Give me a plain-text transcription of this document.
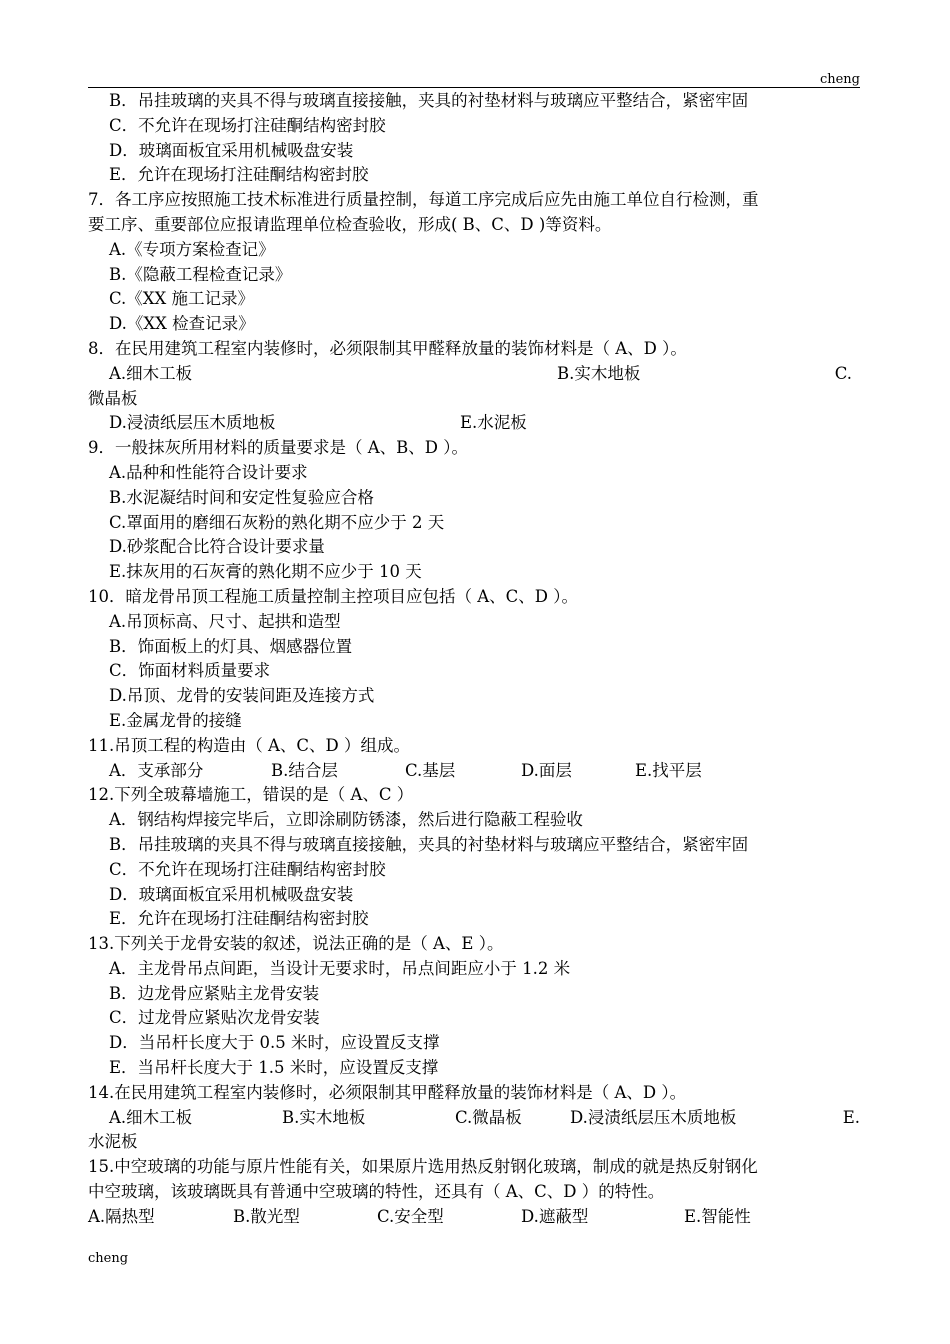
cheng
B．吊挂玻璃的夹具不得与玻璃直接接触，夹具的衬垫材料与玻璃应平整结合，紧密牢固
C．不允许在现场打注硅酮结构密封胶
D．玻璃面板宜采用机械吸盘安装
E．允许在现场打注硅酮结构密封胶
7．各工序应按照施工技术标准进行质量控制，每道工序完成后应先由施工单位自行检测，重
要工序、重要部位应报请监理单位检查验收，形成( B、C、D )等资料。
A.《专项方案检查记》
B.《隐蔽工程检查记录》
C.《XX 施工记录》
D.《XX 检查记录》
8．在民用建筑工程室内装修时，必须限制其甲醛释放量的装饰材料是（ A、D ）。
A.细木工板	B.实木地板	C.
微晶板
D.浸渍纸层压木质地板	E.水泥板
9．一般抹灰所用材料的质量要求是（ A、B、D ）。
A.品种和性能符合设计要求
B.水泥凝结时间和安定性复验应合格
C.罩面用的磨细石灰粉的熟化期不应少于 2 天
D.砂浆配合比符合设计要求量
E.抹灰用的石灰膏的熟化期不应少于 10 天
10．暗龙骨吊顶工程施工质量控制主控项目应包括（ A、C、D ）。
A.吊顶标高、尺寸、起拱和造型
B．饰面板上的灯具、烟感器位置
C．饰面材料质量要求
D.吊顶、龙骨的安装间距及连接方式
E.金属龙骨的接缝
11.吊顶工程的构造由（ A、C、D ）组成。
A．支承部分	B.结合层	C.基层	D.面层	E.找平层
12.下列全玻幕墙施工，错误的是（ A、C ）
A．钢结构焊接完毕后，立即涂刷防锈漆，然后进行隐蔽工程验收
B．吊挂玻璃的夹具不得与玻璃直接接触，夹具的衬垫材料与玻璃应平整结合，紧密牢固
C．不允许在现场打注硅酮结构密封胶
D．玻璃面板宜采用机械吸盘安装
E．允许在现场打注硅酮结构密封胶
13.下列关于龙骨安装的叙述，说法正确的是（ A、E ）。
A．主龙骨吊点间距，当设计无要求时，吊点间距应小于 1.2 米
B．边龙骨应紧贴主龙骨安装
C．过龙骨应紧贴次龙骨安装
D．当吊杆长度大于 0.5 米时，应设置反支撑
E．当吊杆长度大于 1.5 米时，应设置反支撑
14.在民用建筑工程室内装修时，必须限制其甲醛释放量的装饰材料是（ A、D ）。
A.细木工板	B.实木地板	C.微晶板	D.浸渍纸层压木质地板	E.
水泥板
15.中空玻璃的功能与原片性能有关，如果原片选用热反射钢化玻璃，制成的就是热反射钢化
中空玻璃，该玻璃既具有普通中空玻璃的特性，还具有（ A、C、D ）的特性。
A.隔热型	B.散光型	C.安全型	D.遮蔽型	E.智能性
cheng
